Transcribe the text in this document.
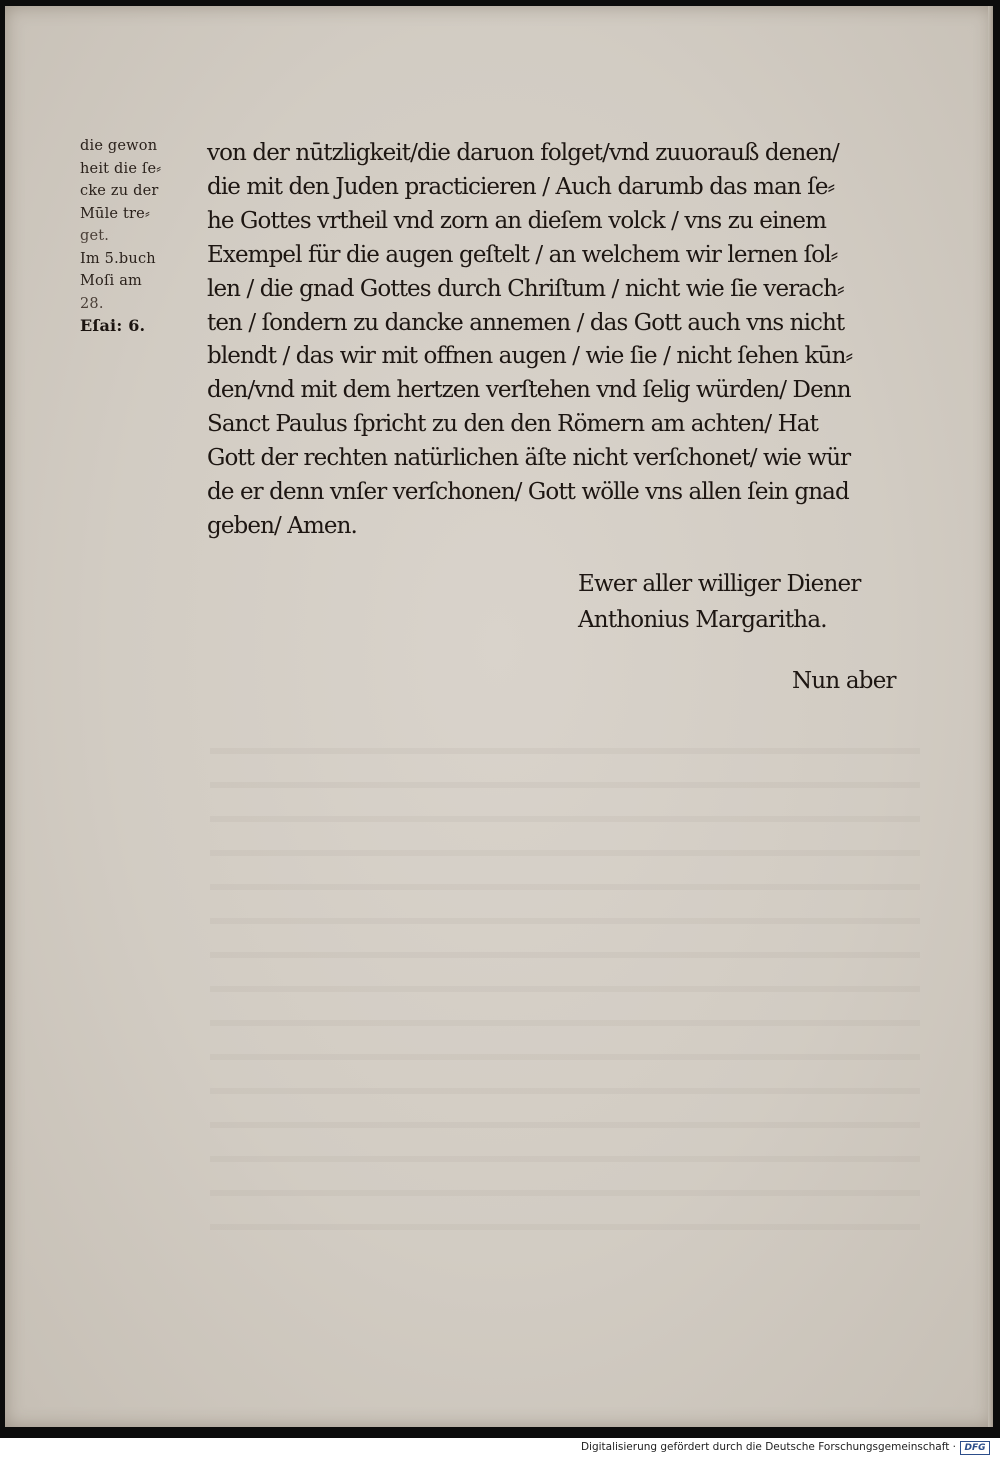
die gewon
heit die ſe⸗
cke zu der
Mūle tre⸗
get.
Im 5.buch
Moſi am
28.
Eſai: 6.
von der nūtzligkeit/die daruon folget/vnd zuuorauß denen/
die mit den Juden practicieren / Auch darumb das man ſe⸗
he Gottes vrtheil vnd zorn an dieſem volck / vns zu einem
Exempel für die augen geſtelt / an welchem wir lernen ſol⸗
len / die gnad Gottes durch Chriſtum / nicht wie ſie verach⸗
ten / ſondern zu dancke annemen / das Gott auch vns nicht
blendt / das wir mit offnen augen / wie ſie / nicht ſehen kūn⸗
den/vnd mit dem hertzen verſtehen vnd ſelig würden/ Denn
Sanct Paulus ſpricht zu den den Römern am achten/ Hat
Gott der rechten natürlichen äſte nicht verſchonet/ wie wür
de er denn vnſer verſchonen/ Gott wölle vns allen ſein gnad
geben/ Amen.
Ewer aller williger Diener
Anthonius Margaritha.
Nun aber
Digitalisierung gefördert durch die Deutsche Forschungsgemeinschaft · DFG
